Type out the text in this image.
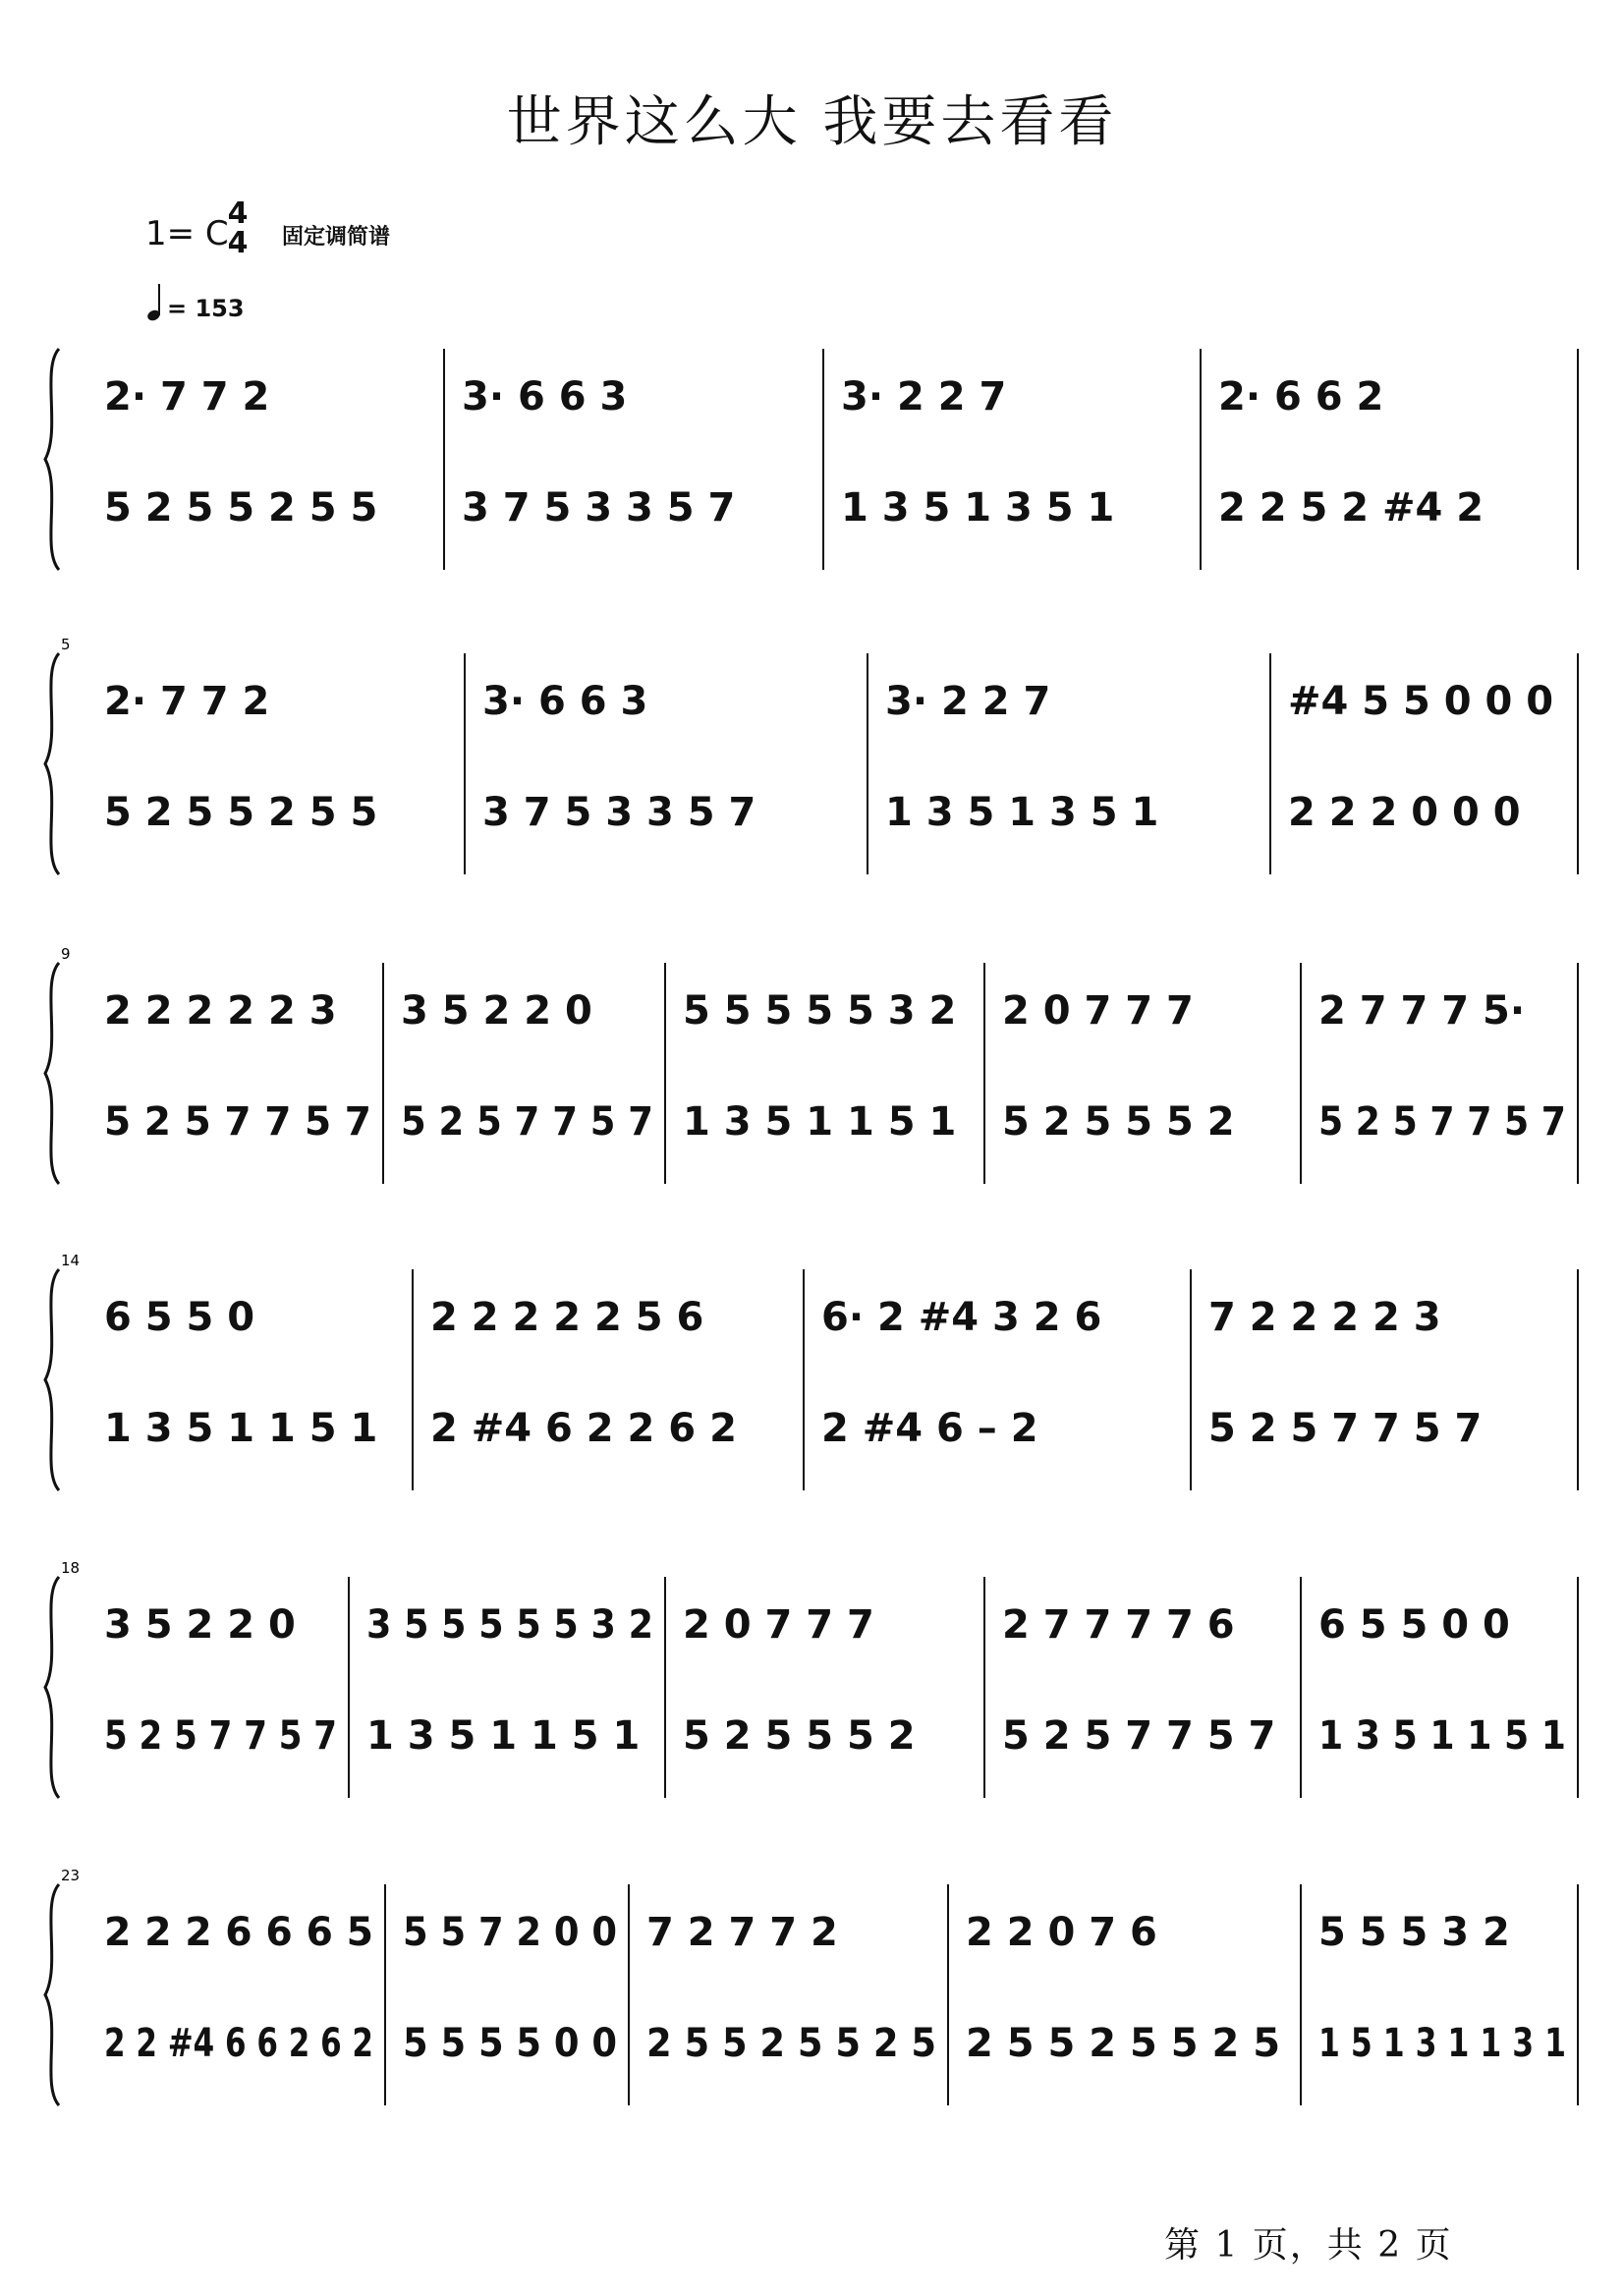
世界这么大 我要去看看
1= C
4
4 固定调简谱
= 153
2· 7 7 2
5 2 5 5 2 5 5
3· 6 6 3
3 7 5 3 3 5 7
3· 2 2 7
1 3 5 1 3 5 1
2· 6 6 2
2 2 5 2 #4 2
5
2· 7 7 2
5 2 5 5 2 5 5
3· 6 6 3
3 7 5 3 3 5 7
3· 2 2 7
1 3 5 1 3 5 1
#4 5 5 0 0 0
2 2 2 0 0 0
9
2 2 2 2 2 3
5 2 5 7 7 5 7
3 5 2 2 0
5 2 5 7 7 5 7
5 5 5 5 5 3 2
1 3 5 1 1 5 1
2 0 7 7 7
5 2 5 5 5 2
2 7 7 7 5·
5 2 5 7 7 5 7
14
6 5 5 0
1 3 5 1 1 5 1
2 2 2 2 2 5 6
2 #4 6 2 2 6 2
6· 2 #4 3 2 6
2 #4 6 – 2
7 2 2 2 2 3
5 2 5 7 7 5 7
18
3 5 2 2 0
5 2 5 7 7 5 7
3 5 5 5 5 5 3 2
1 3 5 1 1 5 1
2 0 7 7 7
5 2 5 5 5 2
2 7 7 7 7 6
5 2 5 7 7 5 7
6 5 5 0 0
1 3 5 1 1 5 1
23
2 2 2 6 6 6 5
2 2 #4 6 6 2 6 2
5 5 7 2 0 0
5 5 5 5 0 0
7 2 7 7 2
2 5 5 2 5 5 2 5
2 2 0 7 6
2 5 5 2 5 5 2 5
5 5 5 3 2
1 5 1 3 1 1 3 1
第 1 页，共 2 页
